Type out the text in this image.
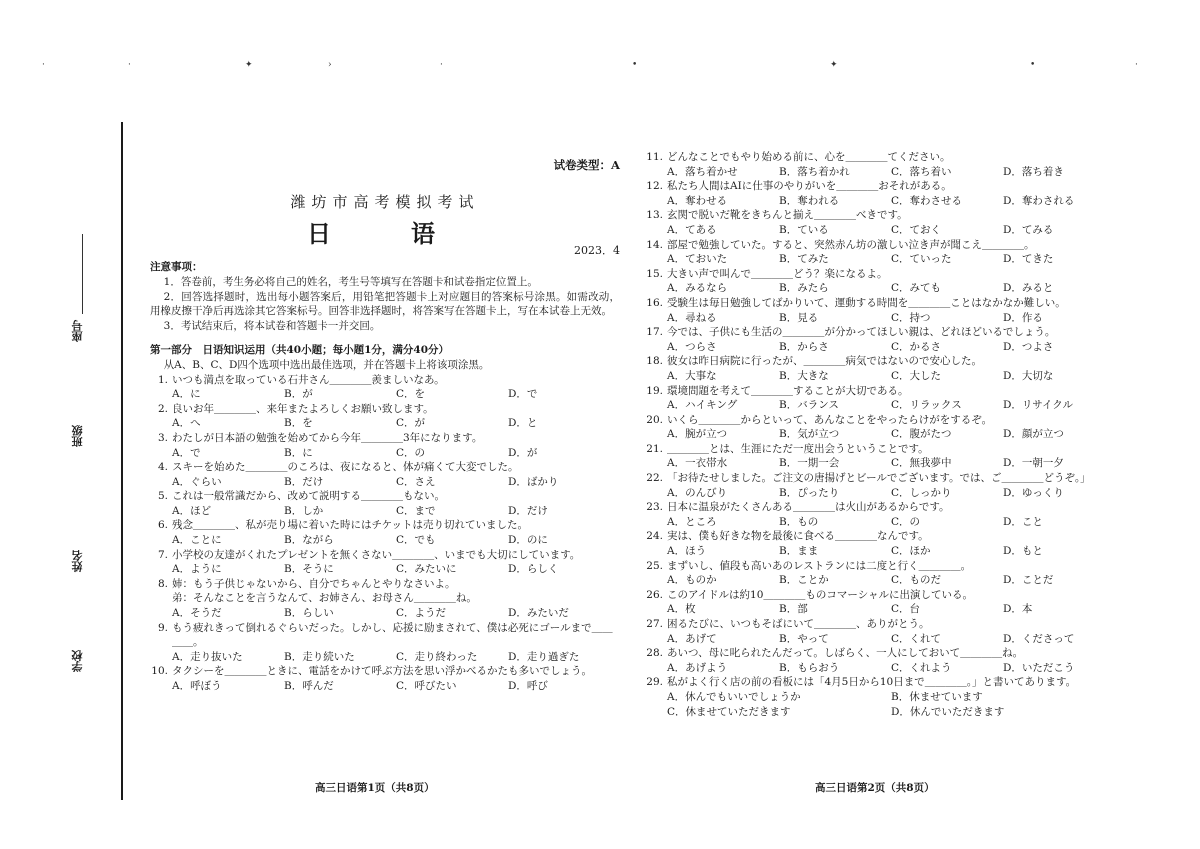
·	·	✦	›	·	•	✦	•	·
座号
班级
姓名
学校
试卷类型：A
潍坊市高考模拟考试
日　语
2023．4
注意事项：
1．答卷前，考生务必将自己的姓名，考生号等填写在答题卡和试卷指定位置上。
2．回答选择题时，选出每小题答案后，用铅笔把答题卡上对应题目的答案标号涂黑。如需改动，用橡皮擦干净后再选涂其它答案标号。回答非选择题时，将答案写在答题卡上，写在本试卷上无效。
3．考试结束后，将本试卷和答题卡一并交回。
第一部分　日语知识运用（共40小题；每小题1分，满分40分）
从A、B、C、D四个选项中选出最佳选项，并在答题卡上将该项涂黑。
1. いつも満点を取っている石井さん＿＿＿＿羨ましいなあ。
A．に	B．が	C．を	D．で
2. 良いお年＿＿＿＿、来年またよろしくお願い致します。
A．へ	B．を	C．が	D．と
3. わたしが日本語の勉強を始めてから今年＿＿＿＿3年になります。
A．で	B．に	C．の	D．が
4. スキーを始めた＿＿＿＿のころは、夜になると、体が痛くて大変でした。
A．ぐらい	B．だけ	C．さえ	D．ばかり
5. これは一般常識だから、改めて説明する＿＿＿＿もない。
A．ほど	B．しか	C．まで	D．だけ
6. 残念＿＿＿＿、私が売り場に着いた時にはチケットは売り切れていました。
A．ことに	B．ながら	C．でも	D．のに
7. 小学校の友達がくれたプレゼントを無くさない＿＿＿＿、いまでも大切にしています。
A．ように	B．そうに	C．みたいに	D．らしく
8. 姉：もう子供じゃないから、自分でちゃんとやりなさいよ。
弟：そんなことを言うなんて、お姉さん、お母さん＿＿＿＿ね。
A．そうだ	B．らしい	C．ようだ	D．みたいだ
9. もう疲れきって倒れるぐらいだった。しかし、応援に励まされて、僕は必死にゴールまで＿＿＿＿。
A．走り抜いた	B．走り続いた	C．走り終わった	D．走り過ぎた
10. タクシーを＿＿＿＿ときに、電話をかけて呼ぶ方法を思い浮かべるかたも多いでしょう。
A．呼ぼう	B．呼んだ	C．呼びたい	D．呼び
11. どんなことでもやり始める前に、心を＿＿＿＿てください。
A．落ち着かせ	B．落ち着かれ	C．落ち着い	D．落ち着き
12. 私たち人間はAIに仕事のやりがいを＿＿＿＿おそれがある。
A．奪わせる	B．奪われる	C．奪わさせる	D．奪わされる
13. 玄関で脱いだ靴をきちんと揃え＿＿＿＿べきです。
A．てある	B．ている	C．ておく	D．てみる
14. 部屋で勉強していた。すると、突然赤ん坊の激しい泣き声が聞こえ＿＿＿＿。
A．ておいた	B．てみた	C．ていった	D．てきた
15. 大きい声で叫んで＿＿＿＿どう？楽になるよ。
A．みるなら	B．みたら	C．みても	D．みると
16. 受験生は毎日勉強してばかりいて、運動する時間を＿＿＿＿ことはなかなか難しい。
A．尋ねる	B．見る	C．持つ	D．作る
17. 今では、子供にも生活の＿＿＿＿が分かってほしい親は、どれほどいるでしょう。
A．つらさ	B．からさ	C．かるさ	D．つよさ
18. 彼女は昨日病院に行ったが、＿＿＿＿病気ではないので安心した。
A．大事な	B．大きな	C．大した	D．大切な
19. 環境問題を考えて＿＿＿＿することが大切である。
A．ハイキング	B．バランス	C．リラックス	D．リサイクル
20. いくら＿＿＿＿からといって、あんなことをやったらけがをするぞ。
A．腕が立つ	B．気が立つ	C．腹がたつ	D．顔が立つ
21. ＿＿＿＿とは、生涯にただ一度出会うということです。
A．一衣帯水	B．一期一会	C．無我夢中	D．一朝一夕
22. 「お待たせしました。ご注文の唐揚げとビールでございます。では、ご＿＿＿＿どうぞ。」
A．のんびり	B．ぴったり	C．しっかり	D．ゆっくり
23. 日本に温泉がたくさんある＿＿＿＿は火山があるからです。
A．ところ	B．もの	C．の	D．こと
24. 実は、僕も好きな物を最後に食べる＿＿＿＿なんです。
A．ほう	B．まま	C．ほか	D．もと
25. まずいし、値段も高いあのレストランには二度と行く＿＿＿＿。
A．ものか	B．ことか	C．ものだ	D．ことだ
26. このアイドルは約10＿＿＿＿ものコマーシャルに出演している。
A．枚	B．部	C．台	D．本
27. 困るたびに、いつもそばにいて＿＿＿＿、ありがとう。
A．あげて	B．やって	C．くれて	D．くださって
28. あいつ、母に叱られたんだって。しばらく、一人にしておいて＿＿＿＿ね。
A．あげよう	B．もらおう	C．くれよう	D．いただこう
29. 私がよく行く店の前の看板には「4月5日から10日まで＿＿＿＿。」と書いてあります。
A．休んでもいいでしょうか	B．休ませています
C．休ませていただきます	D．休んでいただきます
高三日语第1页（共8页）	高三日语第2页（共8页）
